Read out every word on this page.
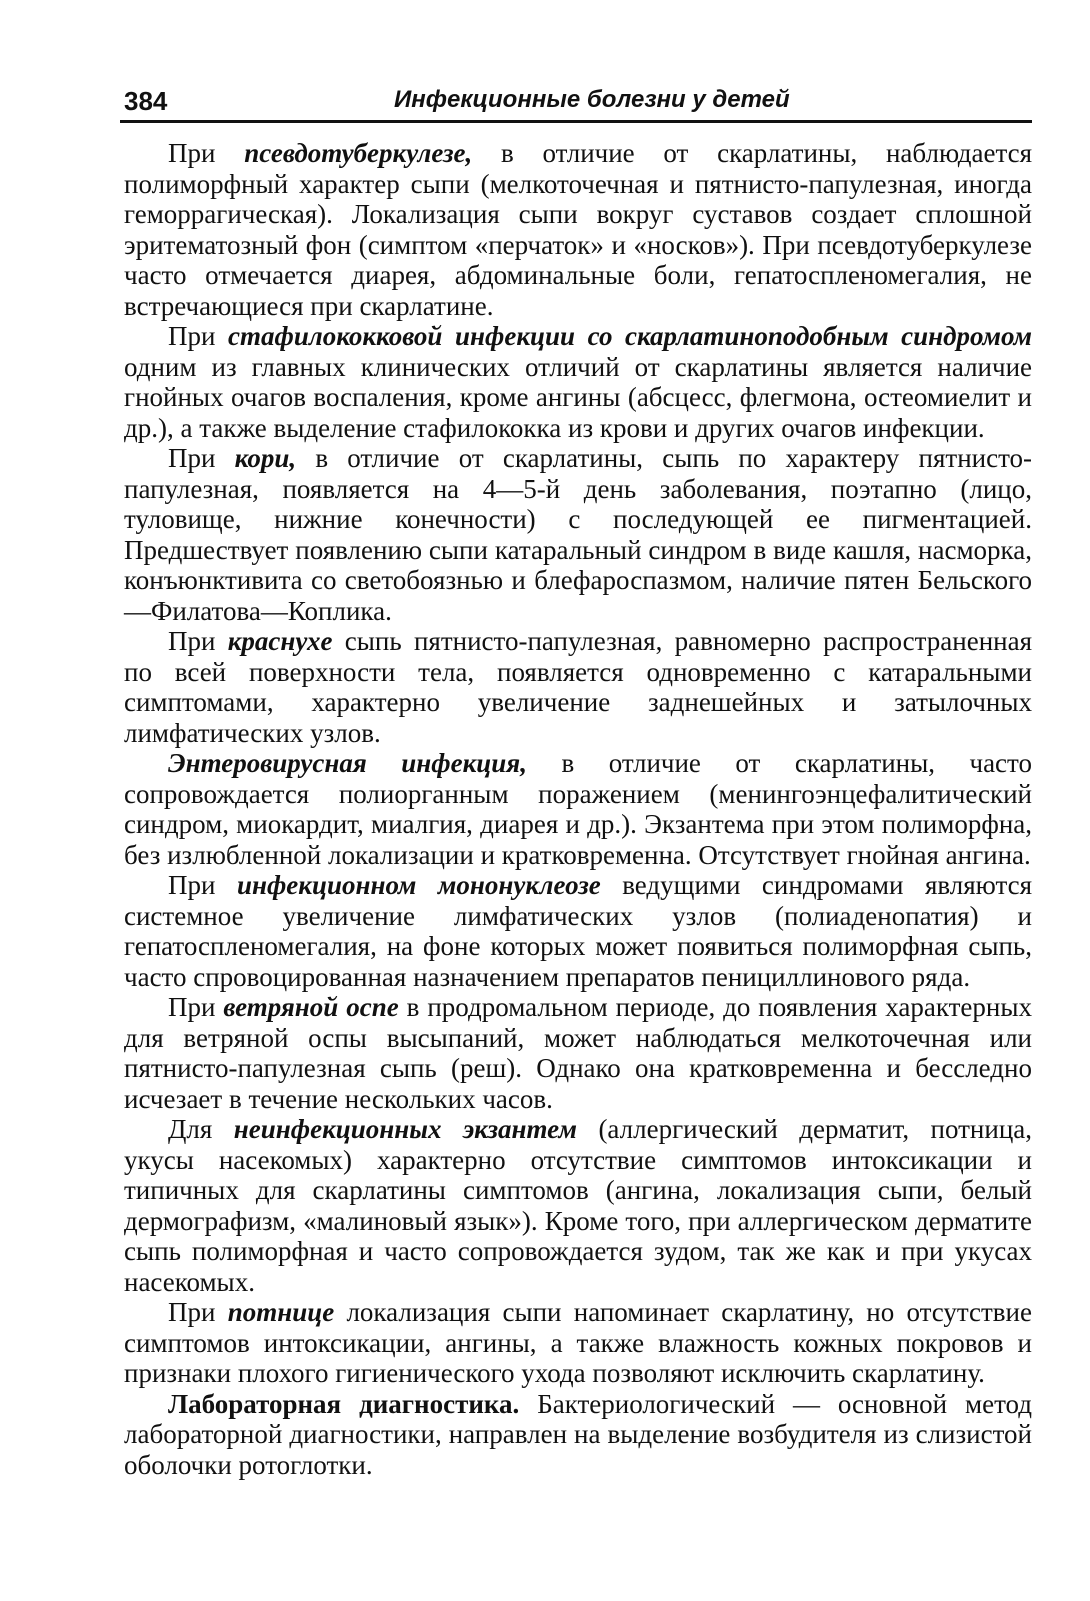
384	Инфекционные болезни у детей

При псевдотуберкулезе, в отличие от скарлатины, наблюдается полиморфный характер сыпи (мелкоточечная и пятнисто-папулезная, иногда геморрагическая). Локализация сыпи вокруг суставов создает сплошной эритематозный фон (симптом «перчаток» и «носков»). При псевдотуберкулезе часто отмечается диарея, абдоминальные боли, гепатоспленомегалия, не встречающиеся при скарлатине.

При стафилококковой инфекции со скарлатиноподобным синдромом одним из главных клинических отличий от скарлатины является наличие гнойных очагов воспаления, кроме ангины (абсцесс, флегмона, остеомиелит и др.), а также выделение стафилококка из крови и других очагов инфекции.

При кори, в отличие от скарлатины, сыпь по характеру пятнисто-папулезная, появляется на 4—5-й день заболевания, поэтапно (лицо, туловище, нижние конечности) с последующей ее пигментацией. Предшествует появлению сыпи катаральный синдром в виде кашля, насморка, конъюнктивита со светобоязнью и блефароспазмом, наличие пятен Бельского—Филатова—Коплика.

При краснухе сыпь пятнисто-папулезная, равномерно распространенная по всей поверхности тела, появляется одновременно с катаральными симптомами, характерно увеличение заднешейных и затылочных лимфатических узлов.

Энтеровирусная инфекция, в отличие от скарлатины, часто сопровождается полиорганным поражением (менингоэнцефалитический синдром, миокардит, миалгия, диарея и др.). Экзантема при этом полиморфна, без излюбленной локализации и кратковременна. Отсутствует гнойная ангина.

При инфекционном мононуклеозе ведущими синдромами являются системное увеличение лимфатических узлов (полиаденопатия) и гепатоспленомегалия, на фоне которых может появиться полиморфная сыпь, часто спровоцированная назначением препаратов пенициллинового ряда.

При ветряной оспе в продромальном периоде, до появления характерных для ветряной оспы высыпаний, может наблюдаться мелкоточечная или пятнисто-папулезная сыпь (реш). Однако она кратковременна и бесследно исчезает в течение нескольких часов.

Для неинфекционных экзантем (аллергический дерматит, потница, укусы насекомых) характерно отсутствие симптомов интоксикации и типичных для скарлатины симптомов (ангина, локализация сыпи, белый дермографизм, «малиновый язык»). Кроме того, при аллергическом дерматите сыпь полиморфная и часто сопровождается зудом, так же как и при укусах насекомых.

При потнице локализация сыпи напоминает скарлатину, но отсутствие симптомов интоксикации, ангины, а также влажность кожных покровов и признаки плохого гигиенического ухода позволяют исключить скарлатину.

Лабораторная диагностика. Бактериологический — основной метод лабораторной диагностики, направлен на выделение возбудителя из слизистой оболочки ротоглотки.
